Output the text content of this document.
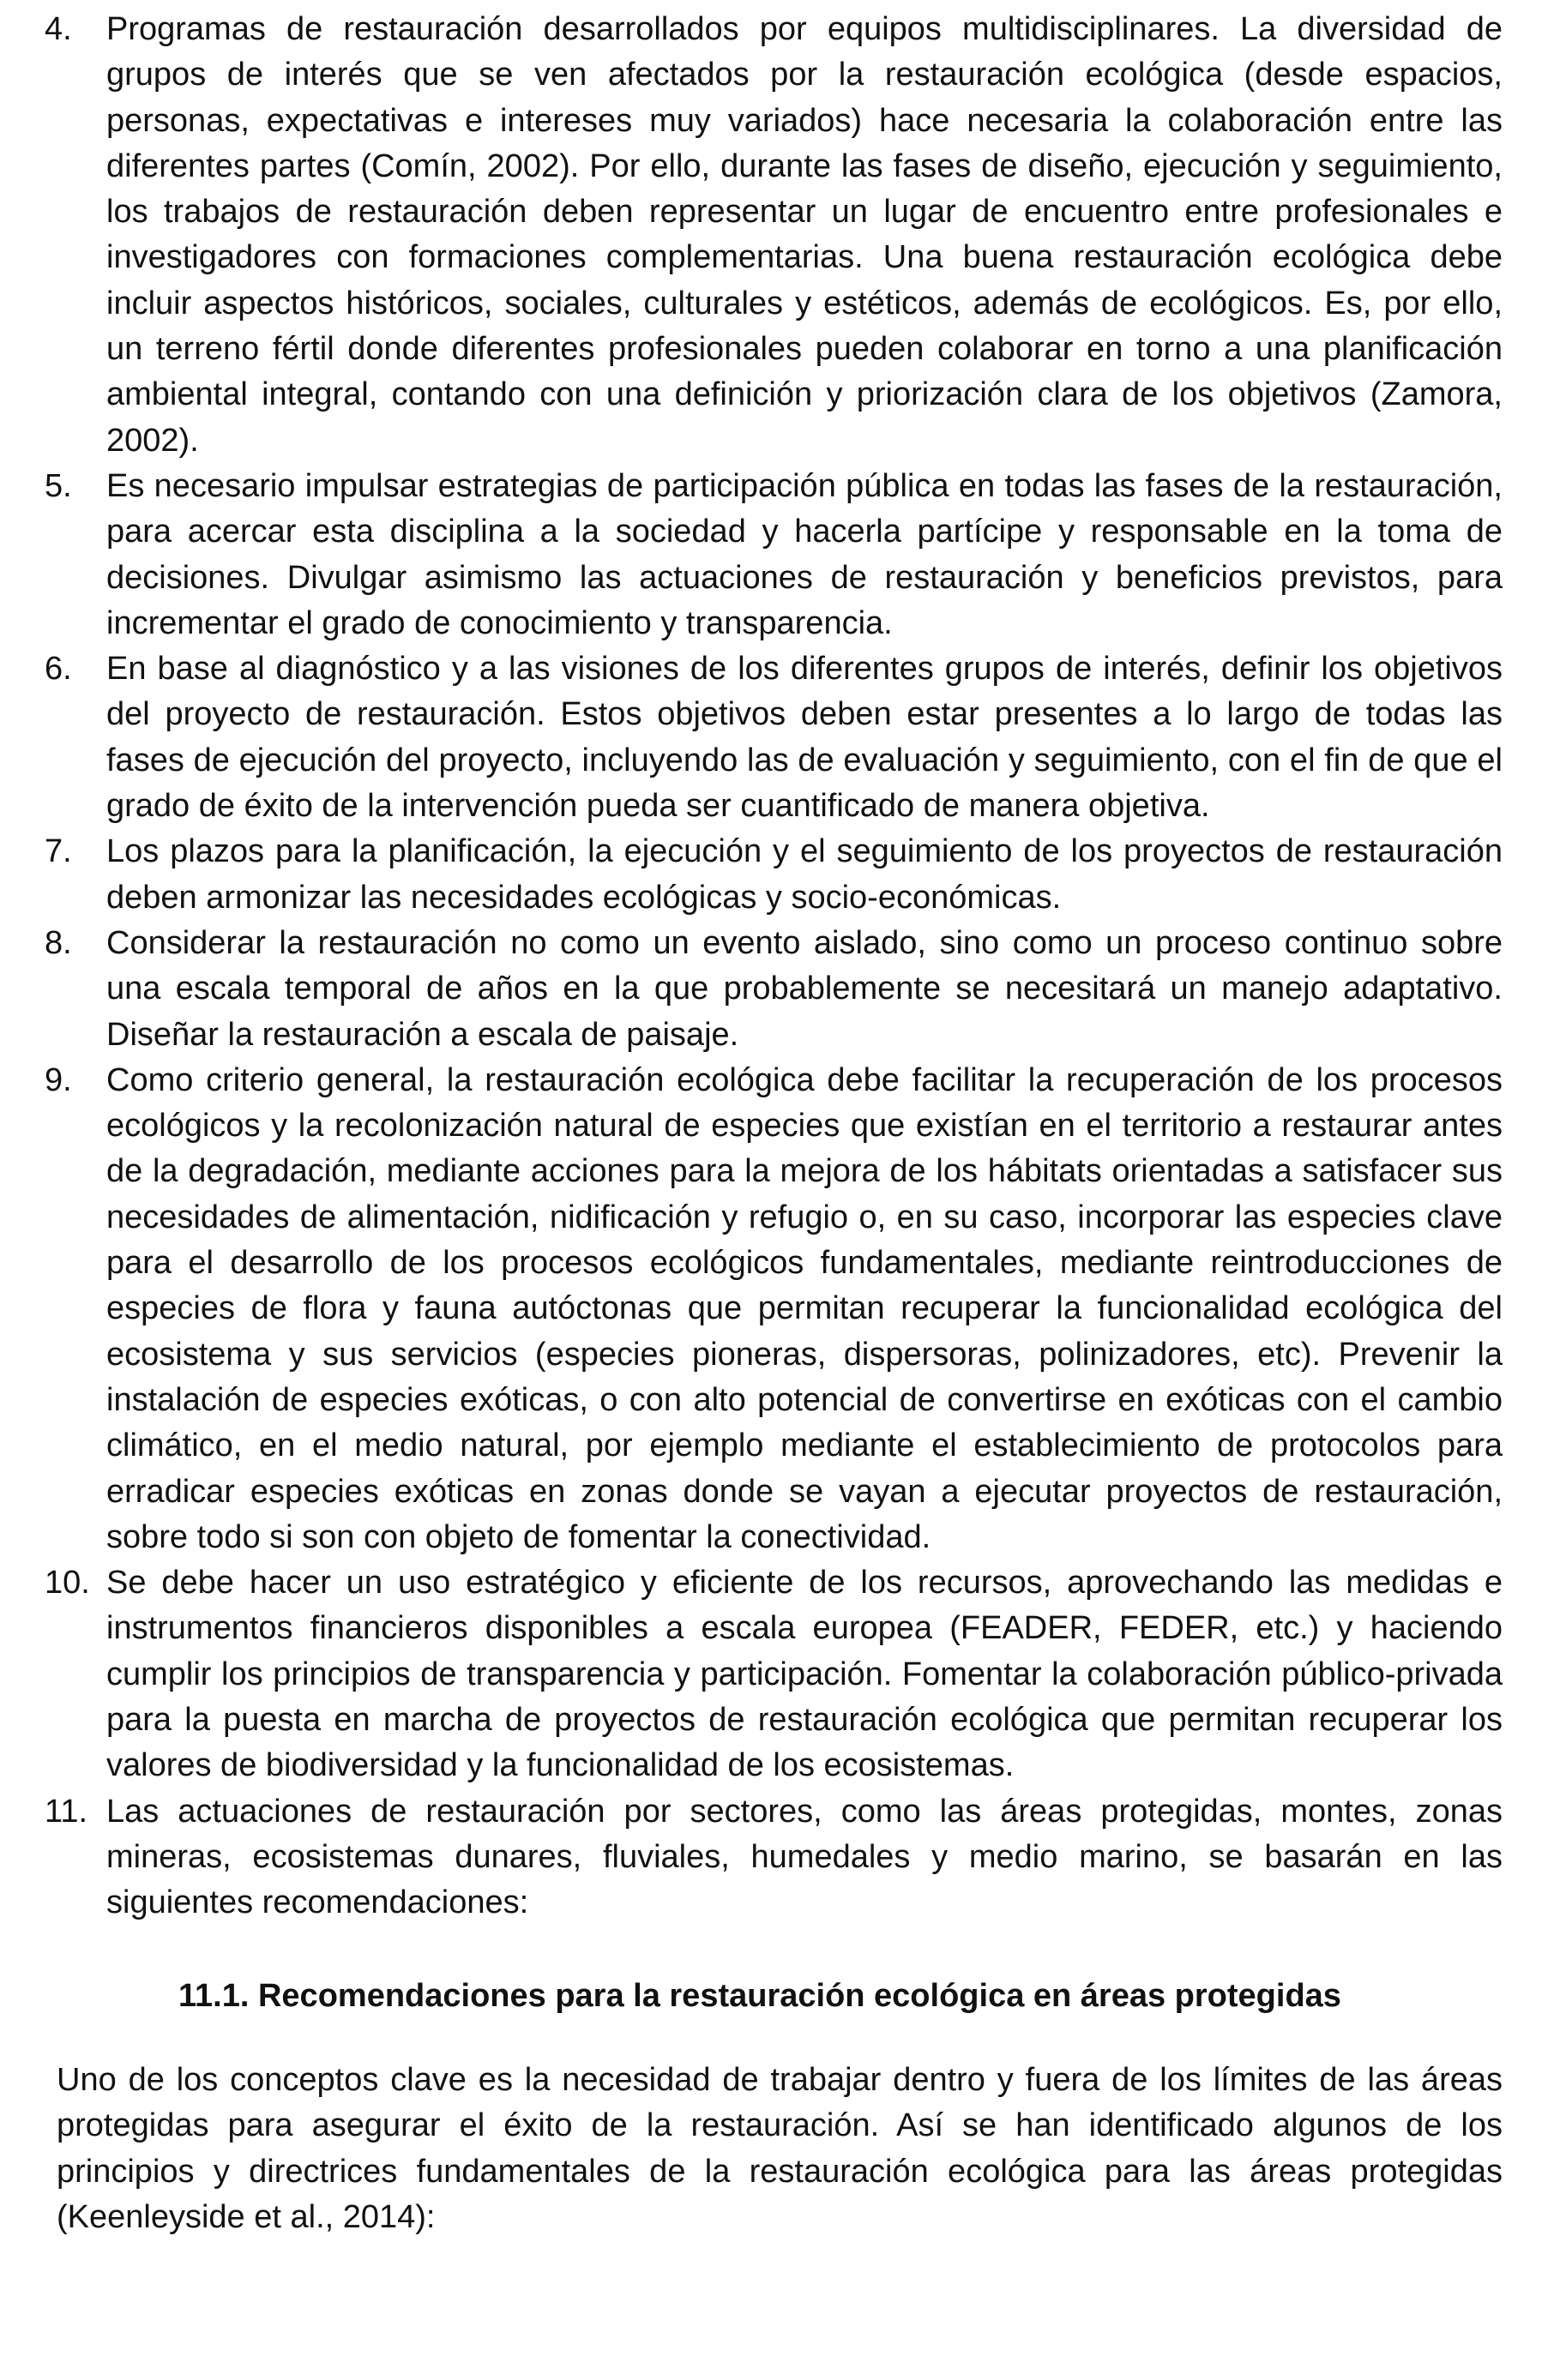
4.	Programas de restauración desarrollados por equipos multidisciplinares. La diversidad de grupos de interés que se ven afectados por la restauración ecológica (desde espacios, personas, expectativas e intereses muy variados) hace necesaria la colaboración entre las diferentes partes (Comín, 2002). Por ello, durante las fases de diseño, ejecución y seguimiento, los trabajos de restauración deben representar un lugar de encuentro entre profesionales e investigadores con formaciones complementarias. Una buena restauración ecológica debe incluir aspectos históricos, sociales, culturales y estéticos, además de ecológicos. Es, por ello, un terreno fértil donde diferentes profesionales pueden colaborar en torno a una planificación ambiental integral, contando con una definición y priorización clara de los objetivos (Zamora, 2002).

5.	Es necesario impulsar estrategias de participación pública en todas las fases de la restauración, para acercar esta disciplina a la sociedad y hacerla partícipe y responsable en la toma de decisiones. Divulgar asimismo las actuaciones de restauración y beneficios previstos, para incrementar el grado de conocimiento y transparencia.

6.	En base al diagnóstico y a las visiones de los diferentes grupos de interés, definir los objetivos del proyecto de restauración. Estos objetivos deben estar presentes a lo largo de todas las fases de ejecución del proyecto, incluyendo las de evaluación y seguimiento, con el fin de que el grado de éxito de la intervención pueda ser cuantificado de manera objetiva.

7.	Los plazos para la planificación, la ejecución y el seguimiento de los proyectos de restauración deben armonizar las necesidades ecológicas y socio-económicas.

8.	Considerar la restauración no como un evento aislado, sino como un proceso continuo sobre una escala temporal de años en la que probablemente se necesitará un manejo adaptativo. Diseñar la restauración a escala de paisaje.

9.	Como criterio general, la restauración ecológica debe facilitar la recuperación de los procesos ecológicos y la recolonización natural de especies que existían en el territorio a restaurar antes de la degradación, mediante acciones para la mejora de los hábitats orientadas a satisfacer sus necesidades de alimentación, nidificación y refugio o, en su caso, incorporar las especies clave para el desarrollo de los procesos ecológicos fundamentales, mediante reintroducciones de especies de flora y fauna autóctonas que permitan recuperar la funcionalidad ecológica del ecosistema y sus servicios (especies pioneras, dispersoras, polinizadores, etc). Prevenir la instalación de especies exóticas, o con alto potencial de convertirse en exóticas con el cambio climático, en el medio natural, por ejemplo mediante el establecimiento de protocolos para erradicar especies exóticas en zonas donde se vayan a ejecutar proyectos de restauración, sobre todo si son con objeto de fomentar la conectividad.

10. Se debe hacer un uso estratégico y eficiente de los recursos, aprovechando las medidas e instrumentos financieros disponibles a escala europea (FEADER, FEDER, etc.) y haciendo cumplir los principios de transparencia y participación. Fomentar la colaboración público-privada para la puesta en marcha de proyectos de restauración ecológica que permitan recuperar los valores de biodiversidad y la funcionalidad de los ecosistemas.

11. Las actuaciones de restauración por sectores, como las áreas protegidas, montes, zonas mineras, ecosistemas dunares, fluviales, humedales y medio marino, se basarán en las siguientes recomendaciones:

11.1. Recomendaciones para la restauración ecológica en áreas protegidas

Uno de los conceptos clave es la necesidad de trabajar dentro y fuera de los límites de las áreas protegidas para asegurar el éxito de la restauración. Así se han identificado algunos de los principios y directrices fundamentales de la restauración ecológica para las áreas protegidas (Keenleyside et al., 2014):
